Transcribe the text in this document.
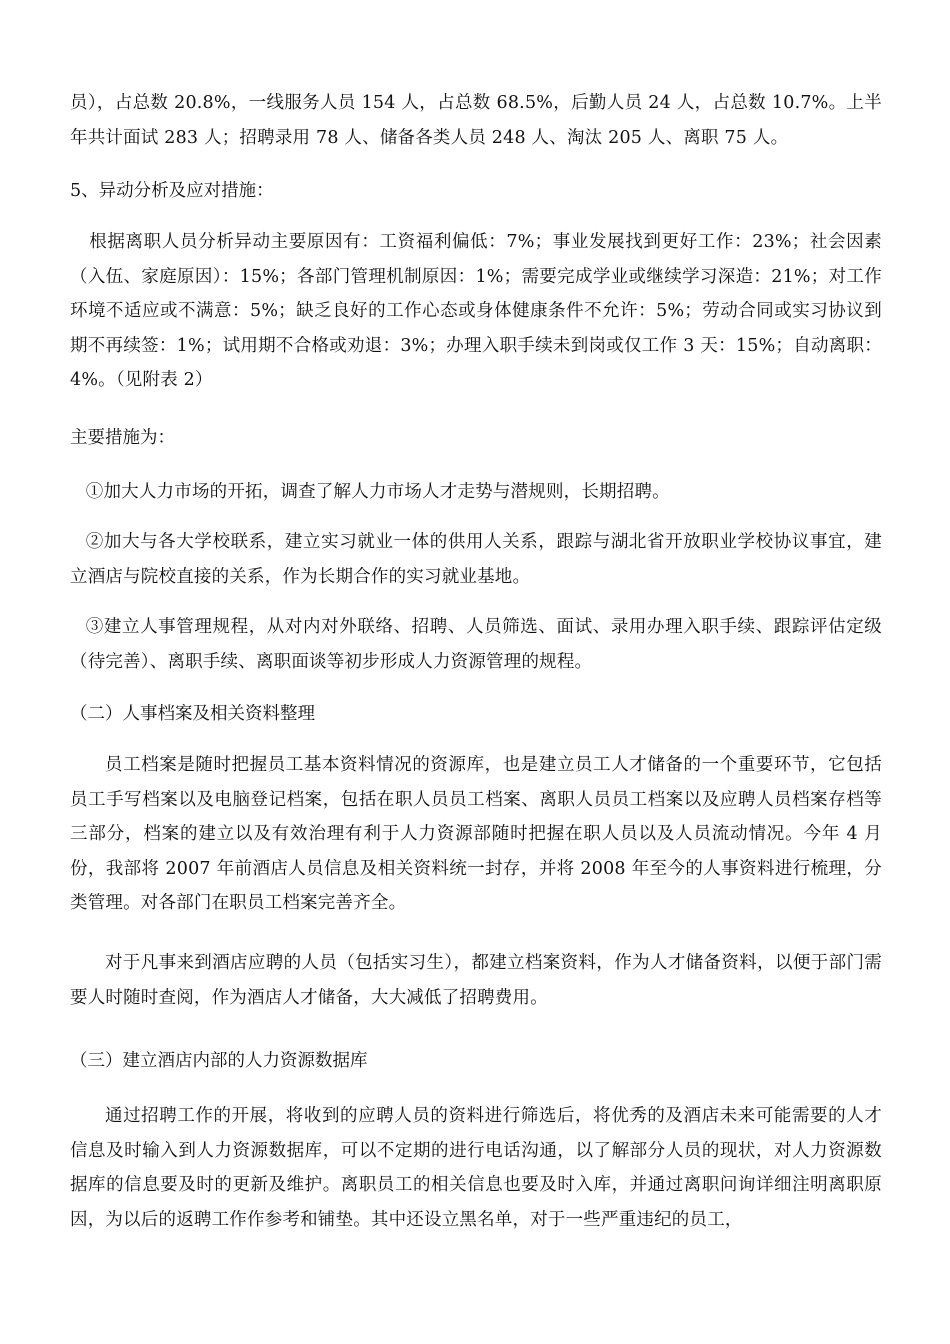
员），占总数 20.8%，一线服务人员 154 人，占总数 68.5%，后勤人员 24 人，占总数 10.7%。上半年共计面试 283 人；招聘录用 78 人、储备各类人员 248 人、淘汰 205 人、离职 75 人。

5、异动分析及应对措施：

根据离职人员分析异动主要原因有：工资福利偏低：7%；事业发展找到更好工作：23%；社会因素（入伍、家庭原因）：15%；各部门管理机制原因：1%；需要完成学业或继续学习深造：21%；对工作环境不适应或不满意：5%；缺乏良好的工作心态或身体健康条件不允许：5%；劳动合同或实习协议到期不再续签：1%；试用期不合格或劝退：3%；办理入职手续未到岗或仅工作 3 天：15%；自动离职：4%。（见附表 2）

主要措施为：

①加大人力市场的开拓，调查了解人力市场人才走势与潜规则，长期招聘。

②加大与各大学校联系，建立实习就业一体的供用人关系，跟踪与湖北省开放职业学校协议事宜，建立酒店与院校直接的关系，作为长期合作的实习就业基地。

③建立人事管理规程，从对内对外联络、招聘、人员筛选、面试、录用办理入职手续、跟踪评估定级（待完善）、离职手续、离职面谈等初步形成人力资源管理的规程。

（二）人事档案及相关资料整理

员工档案是随时把握员工基本资料情况的资源库，也是建立员工人才储备的一个重要环节，它包括员工手写档案以及电脑登记档案，包括在职人员员工档案、离职人员员工档案以及应聘人员档案存档等三部分，档案的建立以及有效治理有利于人力资源部随时把握在职人员以及人员流动情况。今年 4 月份，我部将 2007 年前酒店人员信息及相关资料统一封存，并将 2008 年至今的人事资料进行梳理，分类管理。对各部门在职员工档案完善齐全。

对于凡事来到酒店应聘的人员（包括实习生），都建立档案资料，作为人才储备资料，以便于部门需要人时随时查阅，作为酒店人才储备，大大减低了招聘费用。

（三）建立酒店内部的人力资源数据库

通过招聘工作的开展，将收到的应聘人员的资料进行筛选后，将优秀的及酒店未来可能需要的人才信息及时输入到人力资源数据库，可以不定期的进行电话沟通，以了解部分人员的现状，对人力资源数据库的信息要及时的更新及维护。离职员工的相关信息也要及时入库，并通过离职问询详细注明离职原因，为以后的返聘工作作参考和铺垫。其中还设立黑名单，对于一些严重违纪的员工，
